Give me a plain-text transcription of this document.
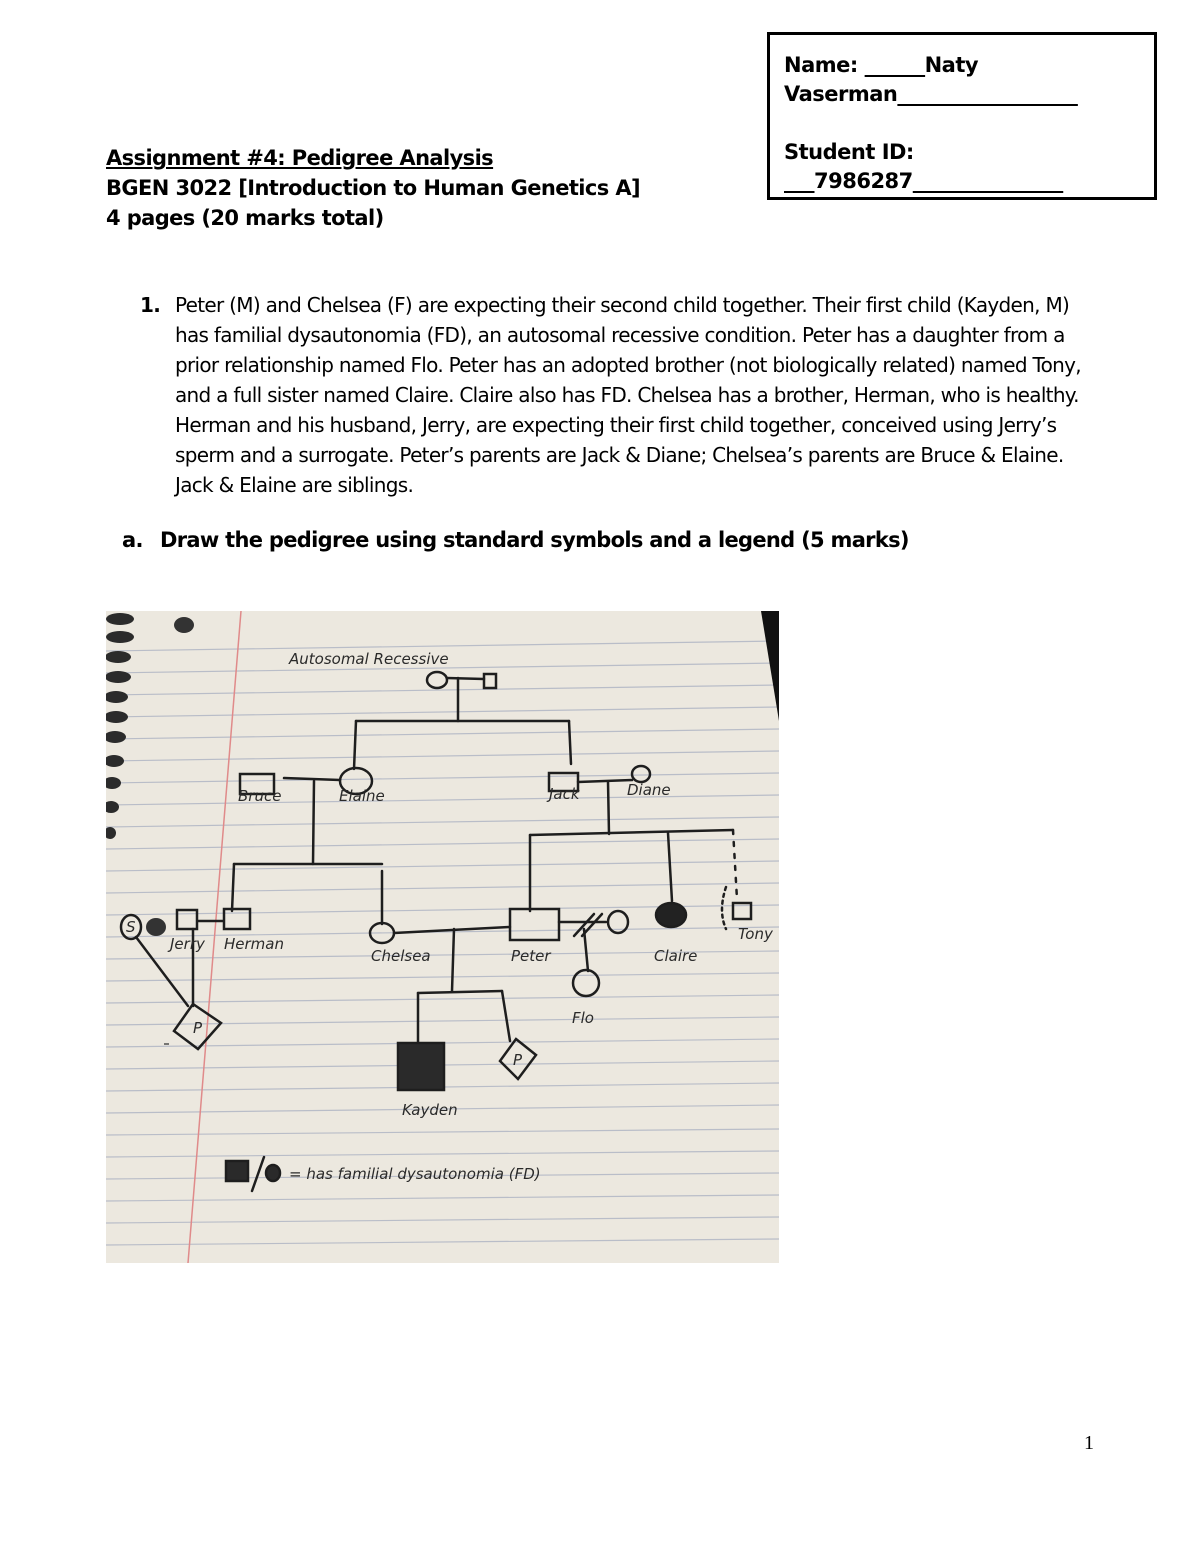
Name: ______Naty
Vaserman__________________
Student ID:
___7986287_______________
Assignment #4: Pedigree Analysis
BGEN 3022 [Introduction to Human Genetics A]
4 pages (20 marks total)
1. Peter (M) and Chelsea (F) are expecting their second child together. Their first child (Kayden, M) has familial dysautonomia (FD), an autosomal recessive condition. Peter has a daughter from a prior relationship named Flo. Peter has an adopted brother (not biologically related) named Tony, and a full sister named Claire. Claire also has FD. Chelsea has a brother, Herman, who is healthy. Herman and his husband, Jerry, are expecting their first child together, conceived using Jerry’s sperm and a surrogate. Peter’s parents are Jack & Diane; Chelsea’s parents are Bruce & Elaine. Jack & Elaine are siblings.
a. Draw the pedigree using standard symbols and a legend (5 marks)
Autosomal Recessive
Bruce	Elaine	Jack	Diane
Jerry Herman
Chelsea	Peter	Claire
Tony
Flo
Kayden
S
P
P
= has familial dysautonomia (FD)
1
